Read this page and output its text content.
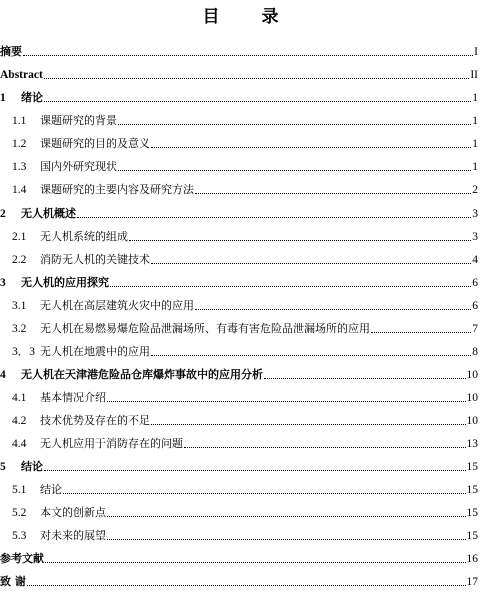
目 录
摘要	I
Abstract	II
1	绪论	1
1.1	课题研究的背景	1
1.2	课题研究的目的及意义	1
1.3	国内外研究现状	1
1.4	课题研究的主要内容及研究方法	2
2	无人机概述	3
2.1	无人机系统的组成	3
2.2	消防无人机的关键技术	4
3	无人机的应用探究	6
3.1	无人机在高层建筑火灾中的应用	6
3.2	无人机在易燃易爆危险品泄漏场所、有毒有害危险品泄漏场所的应用	7
3．3 无人机在地震中的应用	8
4	无人机在天津港危险品仓库爆炸事故中的应用分析	10
4.1	基本情况介绍	10
4.2	技术优势及存在的不足	10
4.4	无人机应用于消防存在的问题	13
5	结论	15
5.1	结论	15
5.2	本文的创新点	15
5.3	对未来的展望	15
参考文献	16
致 谢	17
